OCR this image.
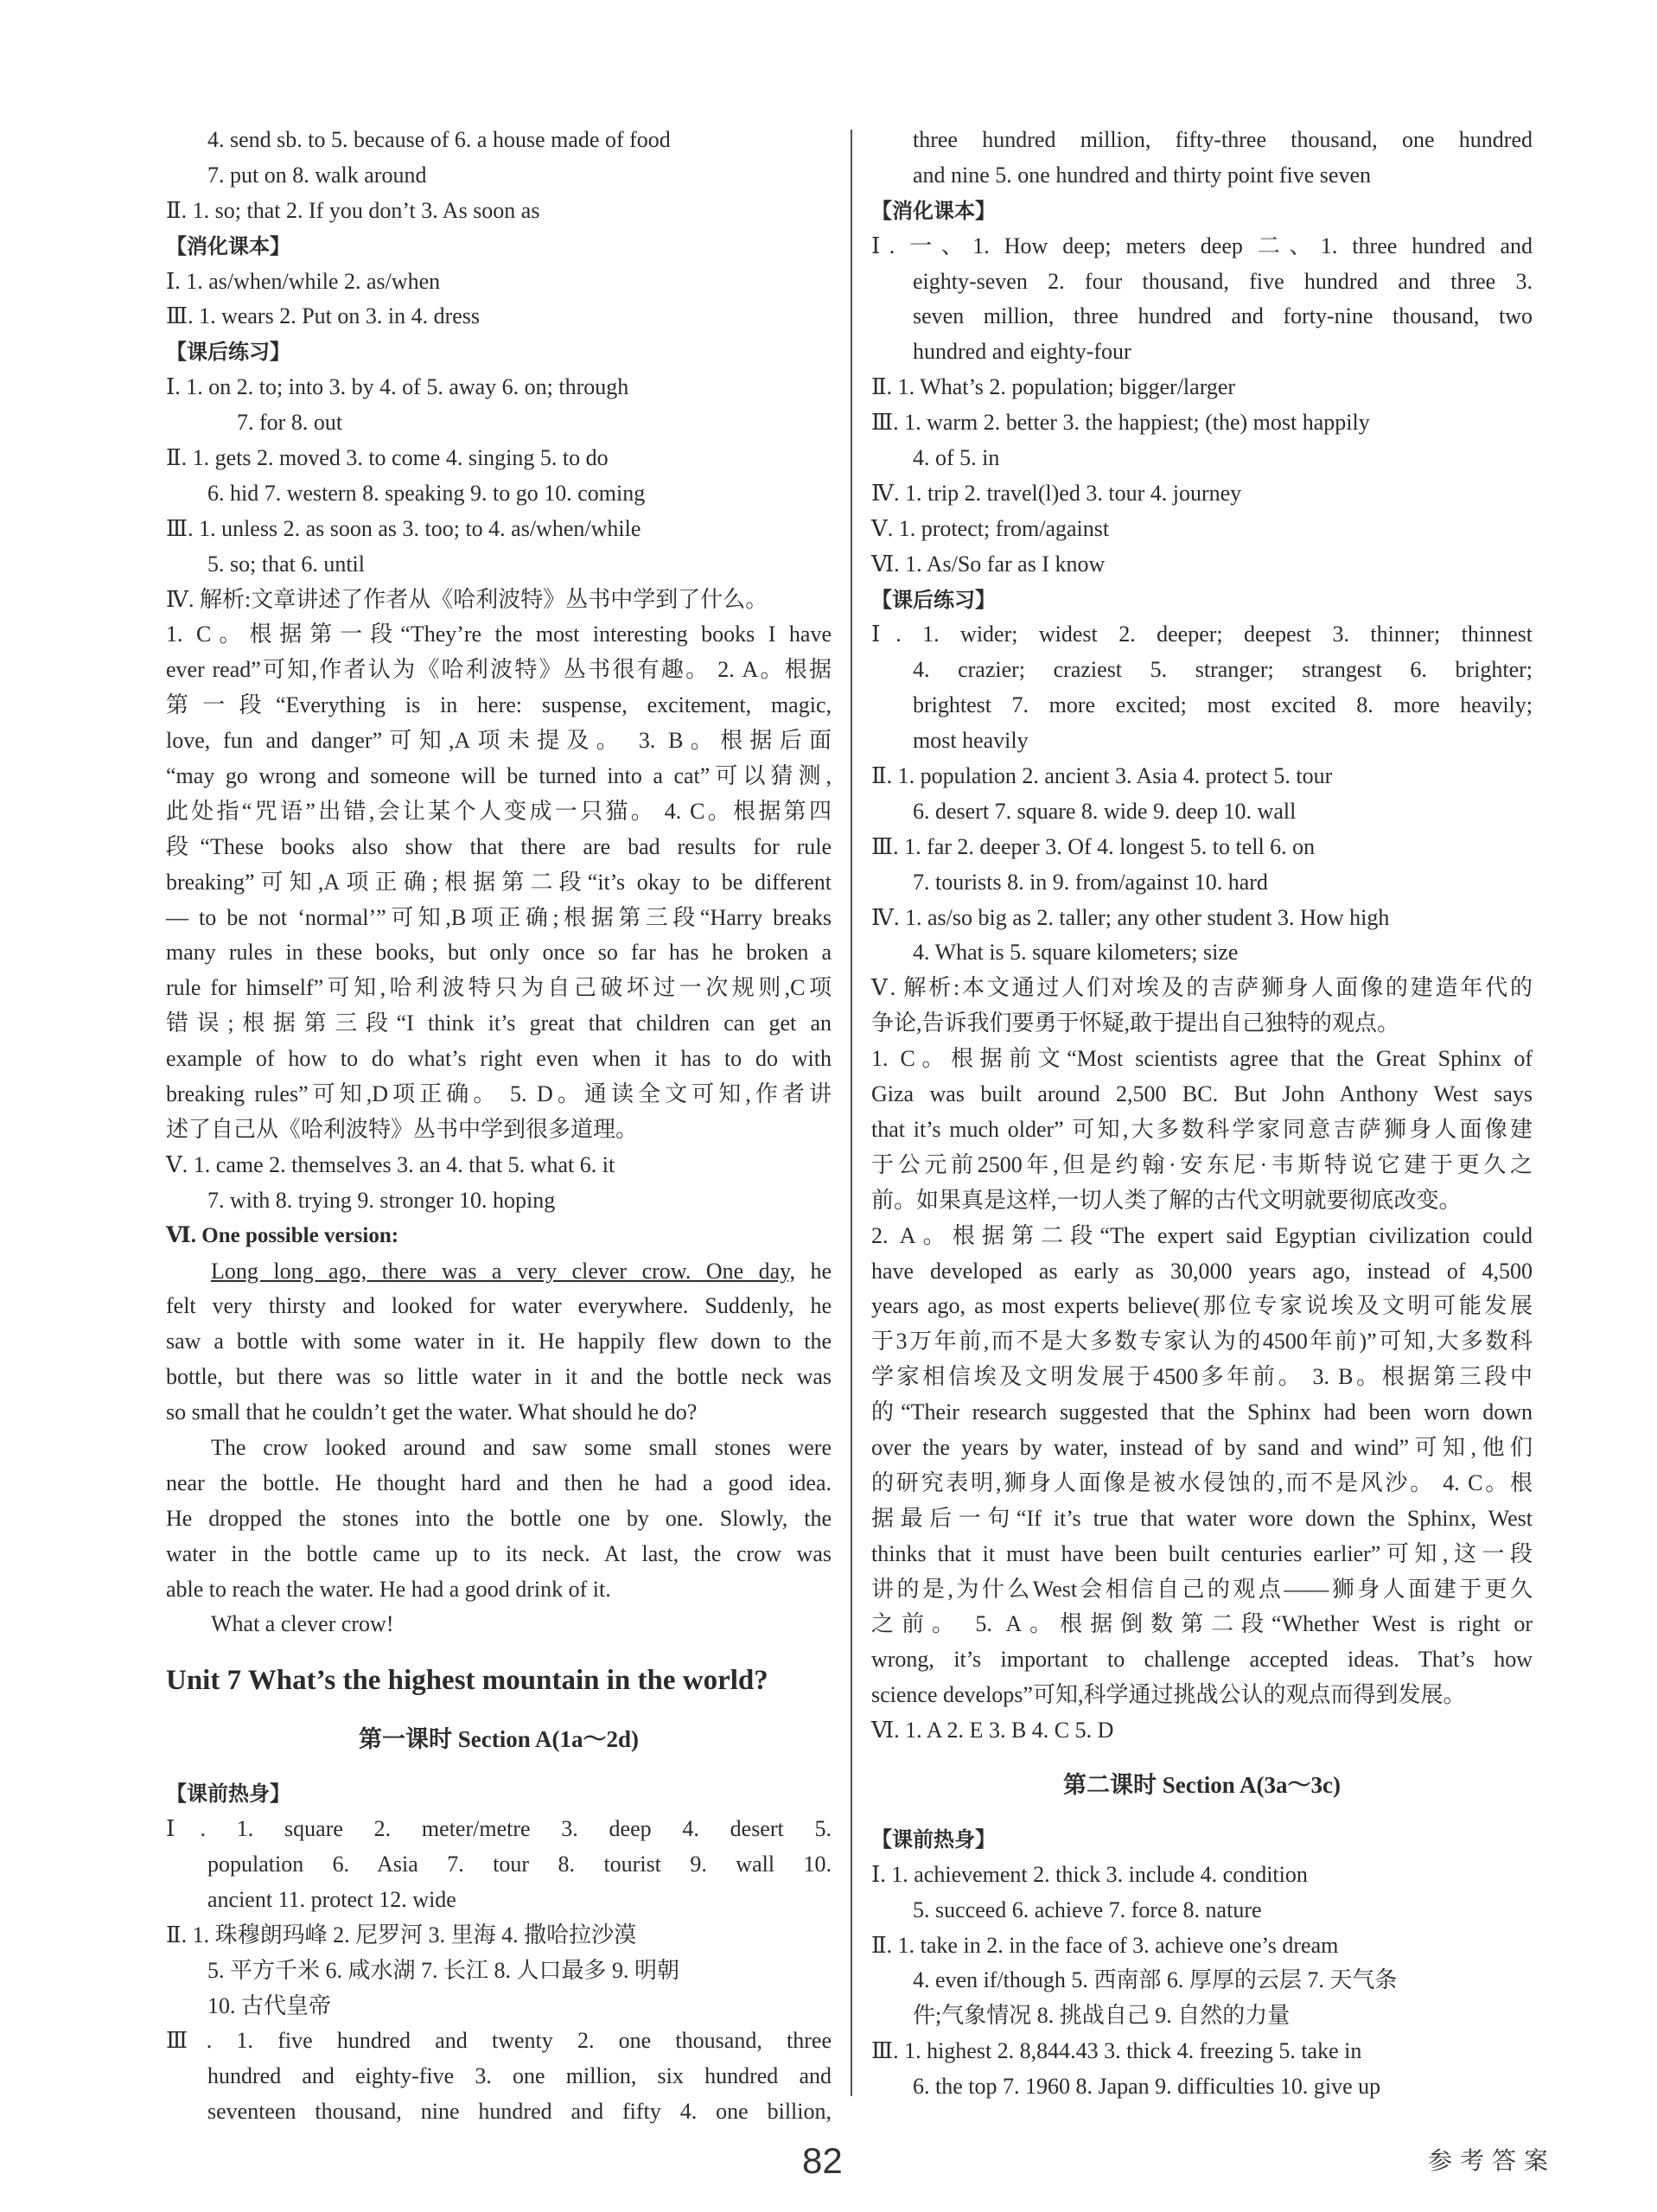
4. send sb. to 5. because of 6. a house made of food
7. put on 8. walk around
Ⅱ. 1. so; that 2. If you don’t 3. As soon as
【消化课本】
Ⅰ. 1. as/when/while 2. as/when
Ⅲ. 1. wears 2. Put on 3. in 4. dress
【课后练习】
Ⅰ. 1. on 2. to; into 3. by 4. of 5. away 6. on; through
7. for 8. out
Ⅱ. 1. gets 2. moved 3. to come 4. singing 5. to do
6. hid 7. western 8. speaking 9. to go 10. coming
Ⅲ. 1. unless 2. as soon as 3. too; to 4. as/when/while
5. so; that 6. until
Ⅳ. 解析:文章讲述了作者从《哈利波特》丛书中学到了什么。
1. C。根据第一段“They’re the most interesting books I have
ever read”可知,作者认为《哈利波特》丛书很有趣。 2. A。根据
第一段“Everything is in here: suspense, excitement, magic,
love, fun and danger”可知,A项未提及。 3. B。根据后面
“may go wrong and someone will be turned into a cat”可以猜测,
此处指“咒语”出错,会让某个人变成一只猫。 4. C。根据第四
段“These books also show that there are bad results for rule
breaking”可知,A项正确;根据第二段“it’s okay to be different
— to be not ‘normal’”可知,B项正确;根据第三段“Harry breaks
many rules in these books, but only once so far has he broken a
rule for himself”可知,哈利波特只为自己破坏过一次规则,C项
错误;根据第三段“I think it’s great that children can get an
example of how to do what’s right even when it has to do with
breaking rules”可知,D项正确。 5. D。通读全文可知,作者讲
述了自己从《哈利波特》丛书中学到很多道理。
Ⅴ. 1. came 2. themselves 3. an 4. that 5. what 6. it
7. with 8. trying 9. stronger 10. hoping
Ⅵ. One possible version:
Long long ago, there was a very clever crow. One day, he
felt very thirsty and looked for water everywhere. Suddenly, he
saw a bottle with some water in it. He happily flew down to the
bottle, but there was so little water in it and the bottle neck was
so small that he couldn’t get the water. What should he do?
The crow looked around and saw some small stones were
near the bottle. He thought hard and then he had a good idea.
He dropped the stones into the bottle one by one. Slowly, the
water in the bottle came up to its neck. At last, the crow was
able to reach the water. He had a good drink of it.
What a clever crow!
Unit 7 What’s the highest mountain in the world?
第一课时 Section A(1a～2d)
【课前热身】
Ⅰ. 1. square 2. meter/metre 3. deep 4. desert 5.
population 6. Asia 7. tour 8. tourist 9. wall 10.
ancient 11. protect 12. wide
Ⅱ. 1. 珠穆朗玛峰 2. 尼罗河 3. 里海 4. 撒哈拉沙漠
5. 平方千米 6. 咸水湖 7. 长江 8. 人口最多 9. 明朝
10. 古代皇帝
Ⅲ. 1. five hundred and twenty 2. one thousand, three
hundred and eighty-five 3. one million, six hundred and
seventeen thousand, nine hundred and fifty 4. one billion,
three hundred million, fifty-three thousand, one hundred
and nine 5. one hundred and thirty point five seven
【消化课本】
Ⅰ. 一、1. How deep; meters deep 二、1. three hundred and
eighty-seven 2. four thousand, five hundred and three 3.
seven million, three hundred and forty-nine thousand, two
hundred and eighty-four
Ⅱ. 1. What’s 2. population; bigger/larger
Ⅲ. 1. warm 2. better 3. the happiest; (the) most happily
4. of 5. in
Ⅳ. 1. trip 2. travel(l)ed 3. tour 4. journey
Ⅴ. 1. protect; from/against
Ⅵ. 1. As/So far as I know
【课后练习】
Ⅰ. 1. wider; widest 2. deeper; deepest 3. thinner; thinnest
4. crazier; craziest 5. stranger; strangest 6. brighter;
brightest 7. more excited; most excited 8. more heavily;
most heavily
Ⅱ. 1. population 2. ancient 3. Asia 4. protect 5. tour
6. desert 7. square 8. wide 9. deep 10. wall
Ⅲ. 1. far 2. deeper 3. Of 4. longest 5. to tell 6. on
7. tourists 8. in 9. from/against 10. hard
Ⅳ. 1. as/so big as 2. taller; any other student 3. How high
4. What is 5. square kilometers; size
Ⅴ. 解析:本文通过人们对埃及的吉萨狮身人面像的建造年代的
争论,告诉我们要勇于怀疑,敢于提出自己独特的观点。
1. C。根据前文“Most scientists agree that the Great Sphinx of
Giza was built around 2,500 BC. But John Anthony West says
that it’s much older” 可知,大多数科学家同意吉萨狮身人面像建
于公元前2500年,但是约翰·安东尼·韦斯特说它建于更久之
前。如果真是这样,一切人类了解的古代文明就要彻底改变。
2. A。根据第二段“The expert said Egyptian civilization could
have developed as early as 30,000 years ago, instead of 4,500
years ago, as most experts believe(那位专家说埃及文明可能发展
于3万年前,而不是大多数专家认为的4500年前)”可知,大多数科
学家相信埃及文明发展于4500多年前。 3. B。根据第三段中
的“Their research suggested that the Sphinx had been worn down
over the years by water, instead of by sand and wind”可知,他们
的研究表明,狮身人面像是被水侵蚀的,而不是风沙。 4. C。根
据最后一句“If it’s true that water wore down the Sphinx, West
thinks that it must have been built centuries earlier”可知,这一段
讲的是,为什么West会相信自己的观点——狮身人面建于更久
之前。 5. A。根据倒数第二段“Whether West is right or
wrong, it’s important to challenge accepted ideas. That’s how
science develops”可知,科学通过挑战公认的观点而得到发展。
Ⅵ. 1. A 2. E 3. B 4. C 5. D
第二课时 Section A(3a～3c)
【课前热身】
Ⅰ. 1. achievement 2. thick 3. include 4. condition
5. succeed 6. achieve 7. force 8. nature
Ⅱ. 1. take in 2. in the face of 3. achieve one’s dream
4. even if/though 5. 西南部 6. 厚厚的云层 7. 天气条
件;气象情况 8. 挑战自己 9. 自然的力量
Ⅲ. 1. highest 2. 8,844.43 3. thick 4. freezing 5. take in
6. the top 7. 1960 8. Japan 9. difficulties 10. give up
82	参考答案
